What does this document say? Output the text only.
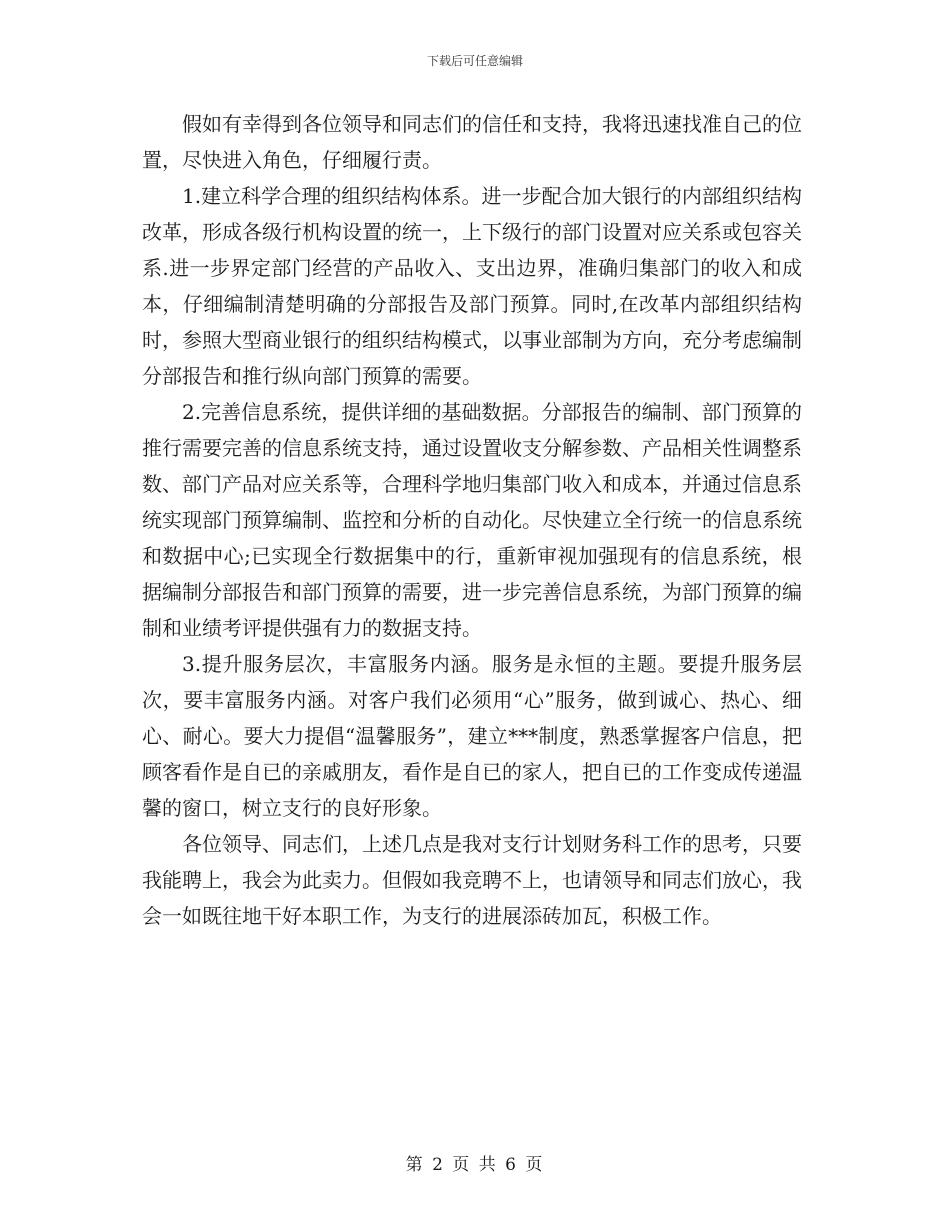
下载后可任意编辑

假如有幸得到各位领导和同志们的信任和支持，我将迅速找准自己的位置，尽快进入角色，仔细履行责。

1.建立科学合理的组织结构体系。进一步配合加大银行的内部组织结构改革，形成各级行机构设置的统一，上下级行的部门设置对应关系或包容关系.进一步界定部门经营的产品收入、支出边界，准确归集部门的收入和成本，仔细编制清楚明确的分部报告及部门预算。同时,在改革内部组织结构时，参照大型商业银行的组织结构模式，以事业部制为方向，充分考虑编制分部报告和推行纵向部门预算的需要。

2.完善信息系统，提供详细的基础数据。分部报告的编制、部门预算的推行需要完善的信息系统支持，通过设置收支分解参数、产品相关性调整系数、部门产品对应关系等，合理科学地归集部门收入和成本，并通过信息系统实现部门预算编制、监控和分析的自动化。尽快建立全行统一的信息系统和数据中心;已实现全行数据集中的行，重新审视加强现有的信息系统，根据编制分部报告和部门预算的需要，进一步完善信息系统，为部门预算的编制和业绩考评提供强有力的数据支持。

3.提升服务层次，丰富服务内涵。服务是永恒的主题。要提升服务层次，要丰富服务内涵。对客户我们必须用“心”服务，做到诚心、热心、细心、耐心。要大力提倡“温馨服务”，建立***制度，熟悉掌握客户信息，把顾客看作是自已的亲戚朋友，看作是自已的家人，把自已的工作变成传递温馨的窗口，树立支行的良好形象。

各位领导、同志们，上述几点是我对支行计划财务科工作的思考，只要我能聘上，我会为此卖力。但假如我竞聘不上，也请领导和同志们放心，我会一如既往地干好本职工作，为支行的进展添砖加瓦，积极工作。

第 2 页 共 6 页
